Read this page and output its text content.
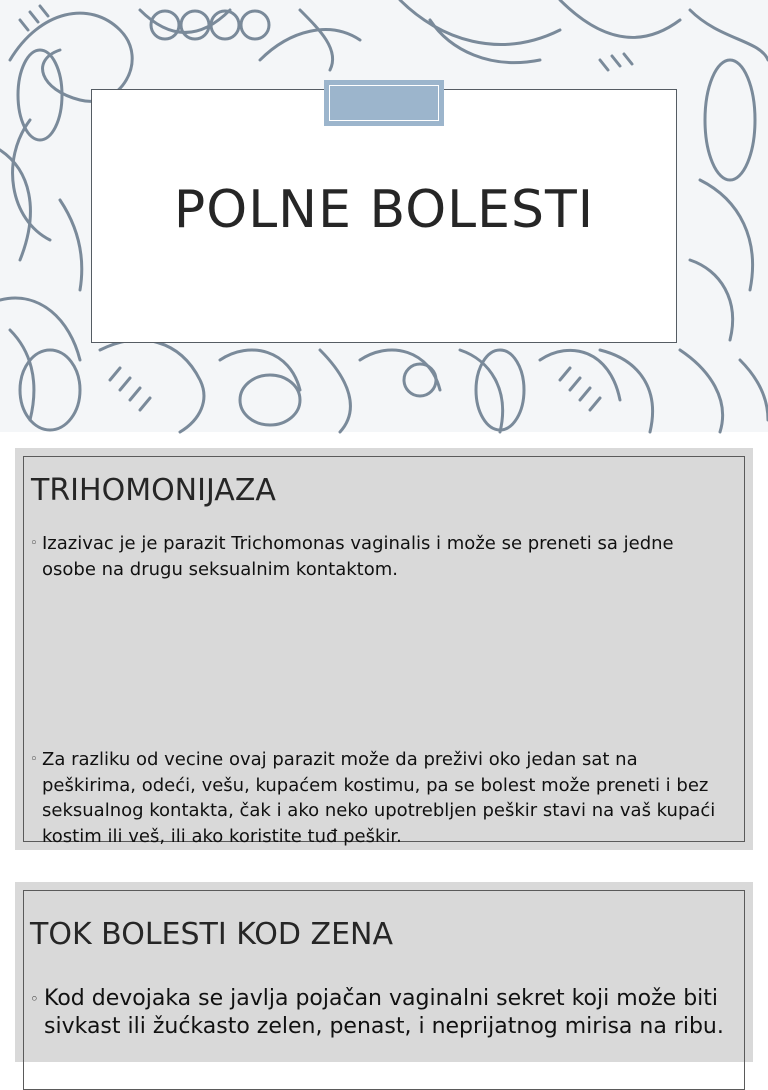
POLNE BOLESTI
TRIHOMONIJAZA
◦ Izazivac je je parazit Trichomonas vaginalis i može se preneti sa jedne osobe na drugu seksualnim kontaktom.
◦ Za razliku od vecine ovaj parazit može da preživi oko jedan sat na peškirima, odeći, vešu, kupaćem kostimu, pa se bolest može preneti i bez seksualnog kontakta, čak i ako neko upotrebljen peškir stavi na vaš kupaći kostim ili veš, ili ako koristite tuđ peškir.
TOK BOLESTI KOD ZENA
◦ Kod devojaka se javlja pojačan vaginalni sekret koji može biti sivkast ili žućkasto zelen, penast, i neprijatnog mirisa na ribu.
